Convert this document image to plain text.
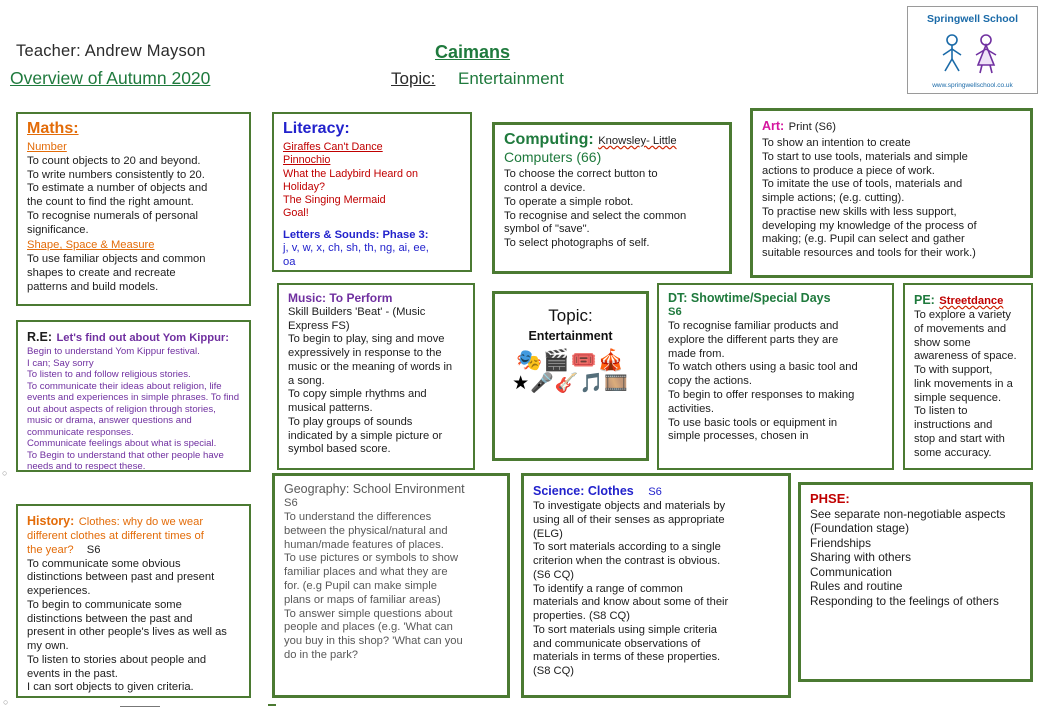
Teacher: Andrew Mayson
Overview of Autumn 2020
Caimans
Topic: Entertainment
Springwell School
www.springwellschool.co.uk
Maths:
Number
To count objects to 20 and beyond.
To write numbers consistently to 20.
To estimate a number of objects and
the count to find the right amount.
To recognise numerals of personal
significance.
Shape, Space & Measure
To use familiar objects and common
shapes to create and recreate
patterns and build models.
Literacy:
Giraffes Can't Dance
Pinnochio
What the Ladybird Heard on
Holiday?
The Singing Mermaid
Goal!
Letters & Sounds: Phase 3:
j, v, w, x, ch, sh, th, ng, ai, ee,
oa
Computing: Knowsley- Little
Computers (66)
To choose the correct button to
control a device.
To operate a simple robot.
To recognise and select the common
symbol of "save".
To select photographs of self.
Art: Print (S6)
To show an intention to create
To start to use tools, materials and simple
actions to produce a piece of work.
To imitate the use of tools, materials and
simple actions; (e.g. cutting).
To practise new skills with less support,
developing my knowledge of the process of
making; (e.g. Pupil can select and gather
suitable resources and tools for their work.)
R.E: Let's find out about Yom Kippur:
Begin to understand Yom Kippur festival.
I can; Say sorry
To listen to and follow religious stories.
To communicate their ideas about religion, life
events and experiences in simple phrases. To find
out about aspects of religion through stories,
music or drama, answer questions and
communicate responses.
Communicate feelings about what is special.
To Begin to understand that other people have
needs and to respect these.
Music: To Perform
Skill Builders 'Beat' - (Music
Express FS)
To begin to play, sing and move
expressively in response to the
music or the meaning of words in
a song.
To copy simple rhythms and
musical patterns.
To play groups of sounds
indicated by a simple picture or
symbol based score.
Topic:
Entertainment
🎭🎬🎟️🎪
★🎤🎸🎵🎞️
DT: Showtime/Special Days
S6
To recognise familiar products and
explore the different parts they are
made from.
To watch others using a basic tool and
copy the actions.
To begin to offer responses to making
activities.
To use basic tools or equipment in
simple processes, chosen in
PE: Streetdance
To explore a variety
of movements and
show some
awareness of space.
To with support,
link movements in a
simple sequence.
To listen to
instructions and
stop and start with
some accuracy.
History: Clothes: why do we wear
different clothes at different times of
the year? S6
To communicate some obvious
distinctions between past and present
experiences.
To begin to communicate some
distinctions between the past and
present in other people's lives as well as
my own.
To listen to stories about people and
events in the past.
I can sort objects to given criteria.
Geography: School Environment
S6
To understand the differences
between the physical/natural and
human/made features of places.
To use pictures or symbols to show
familiar places and what they are
for. (e.g Pupil can make simple
plans or maps of familiar areas)
To answer simple questions about
people and places (e.g. 'What can
you buy in this shop? 'What can you
do in the park?
Science: Clothes S6
To investigate objects and materials by
using all of their senses as appropriate
(ELG)
To sort materials according to a single
criterion when the contrast is obvious.
(S6 CQ)
To identify a range of common
materials and know about some of their
properties. (S8 CQ)
To sort materials using simple criteria
and communicate observations of
materials in terms of these properties.
(S8 CQ)
PHSE:
See separate non-negotiable aspects
(Foundation stage)
Friendships
Sharing with others
Communication
Rules and routine
Responding to the feelings of others
○
○
